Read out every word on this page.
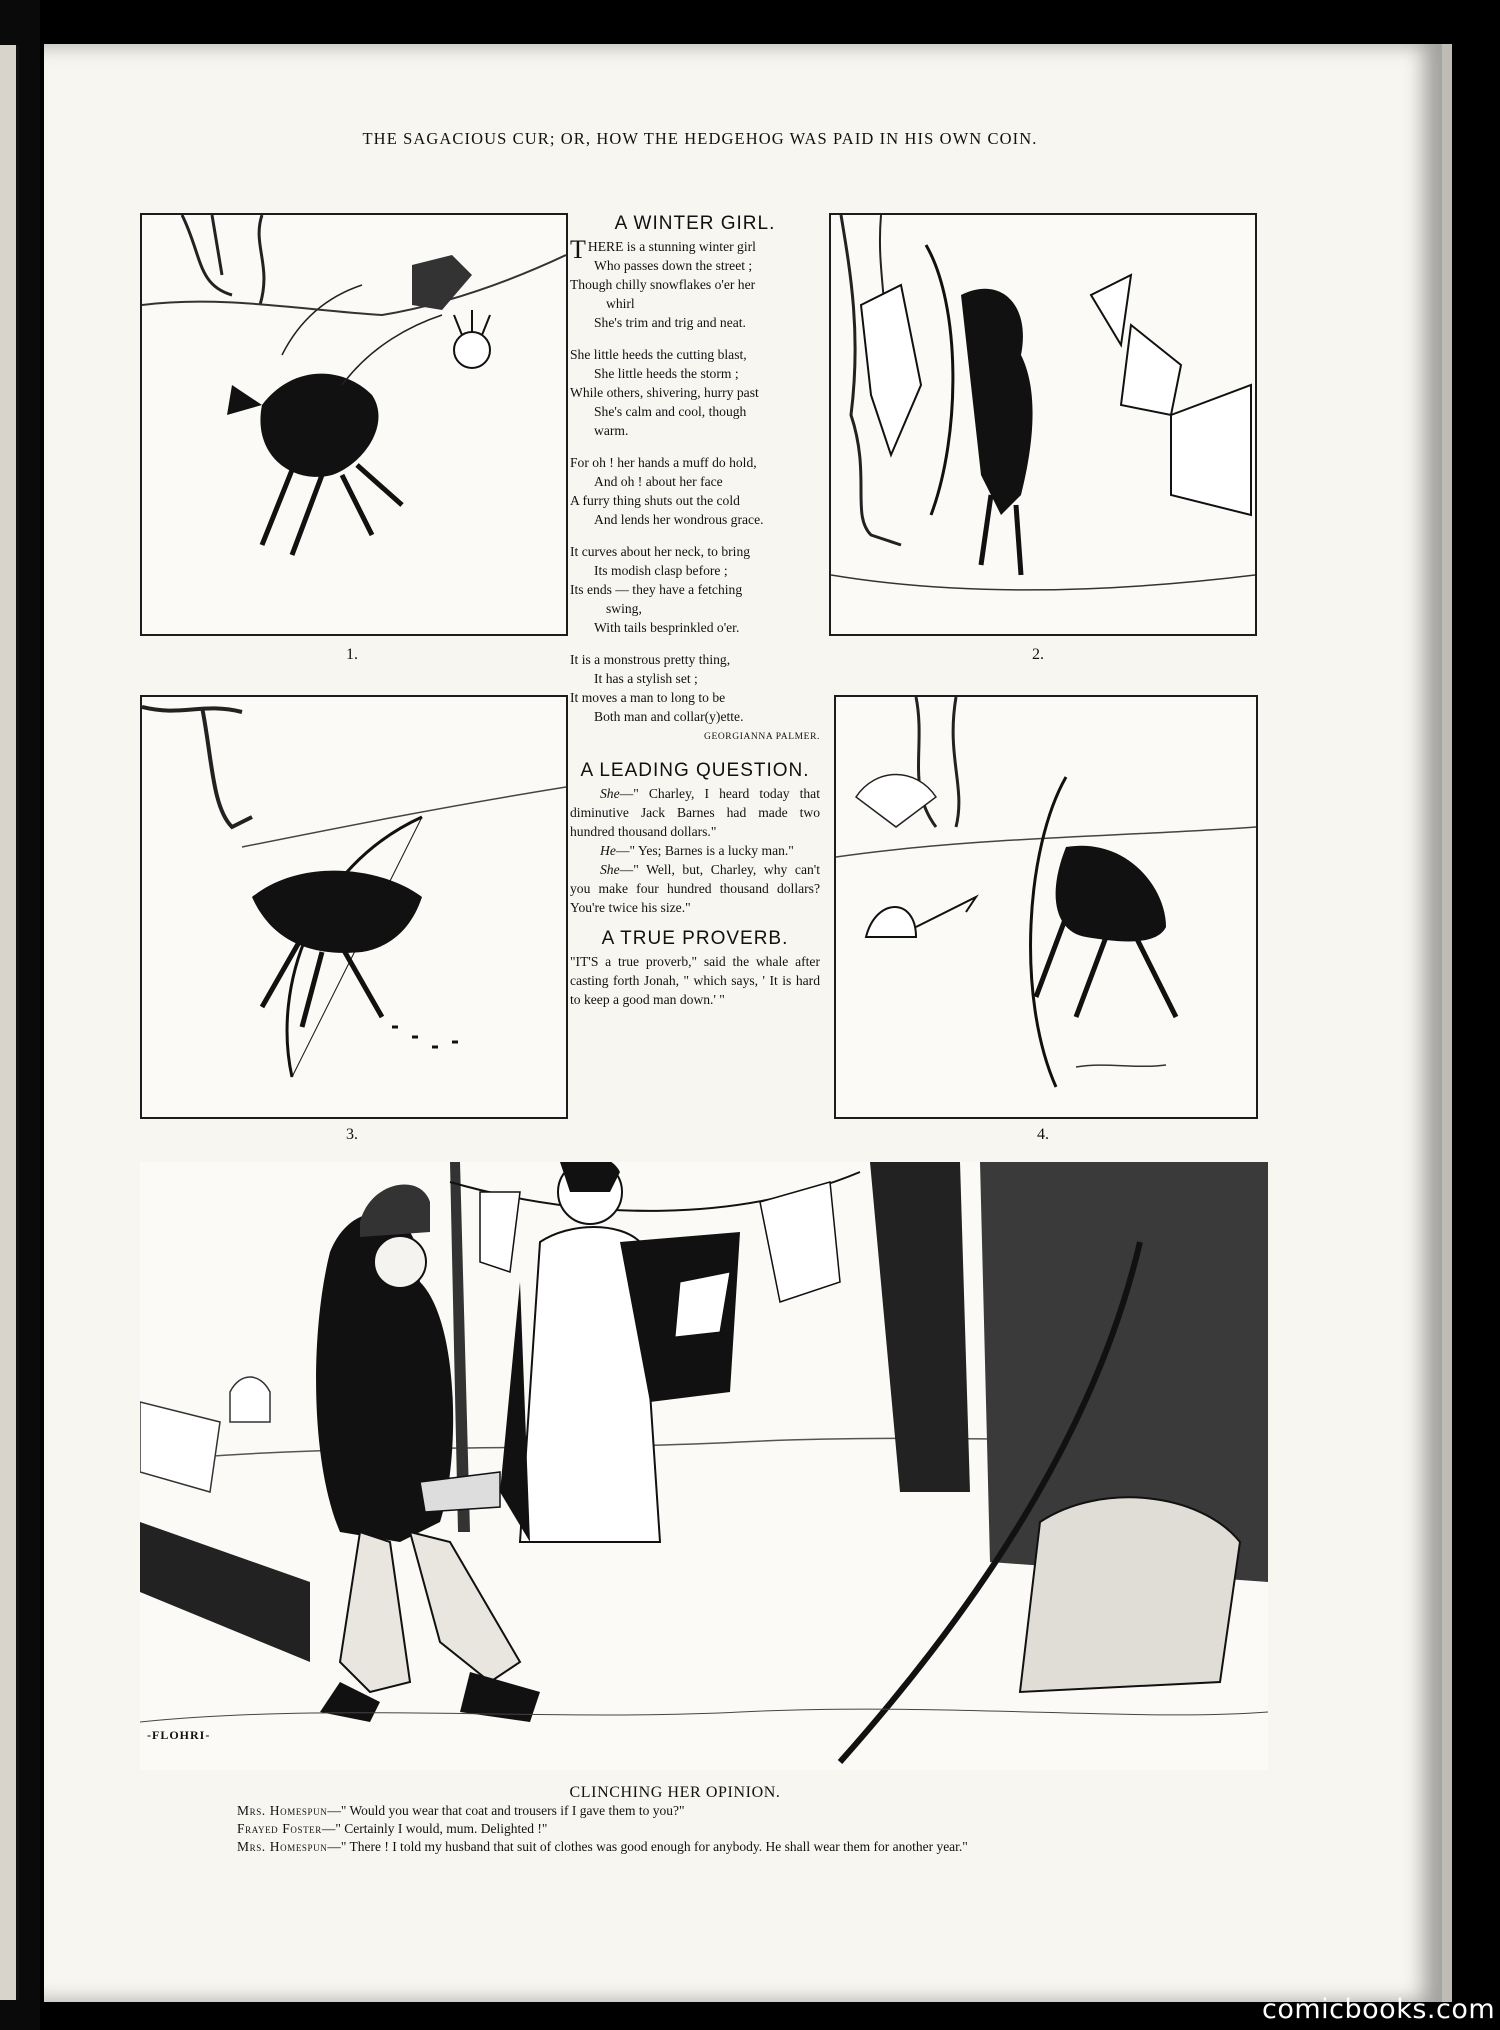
THE SAGACIOUS CUR; OR, HOW THE HEDGEHOG WAS PAID IN HIS OWN COIN.
1.	2.
3.	4.
A WINTER GIRL.

THERE is a stunning winter girl

Who passes down the street ;

Though chilly snowflakes o'er her

whirl

She's trim and trig and neat.

She little heeds the cutting blast,

She little heeds the storm ;

While others, shivering, hurry past

She's calm and cool, though

warm.

For oh ! her hands a muff do hold,

And oh ! about her face

A furry thing shuts out the cold

And lends her wondrous grace.

It curves about her neck, to bring

Its modish clasp before ;

Its ends — they have a fetching

swing,

With tails besprinkled o'er.

It is a monstrous pretty thing,

It has a stylish set ;

It moves a man to long to be

Both man and collar(y)ette.

GEORGIANNA PALMER.
A LEADING QUESTION.

She—" Charley, I heard today that diminutive Jack Barnes had made two hundred thousand dollars."

He—" Yes; Barnes is a lucky man."

She—" Well, but, Charley, why can't you make four hundred thousand dollars? You're twice his size."

A TRUE PROVERB.

"IT'S a true proverb," said the whale after casting forth Jonah, " which says, ' It is hard to keep a good man down.' "

-FLOHRI-
CLINCHING HER OPINION.

Mrs. Homespun—" Would you wear that coat and trousers if I gave them to you?"

Frayed Foster—" Certainly I would, mum. Delighted !"

Mrs. Homespun—" There ! I told my husband that suit of clothes was good enough for anybody. He shall wear them for another year."

comicbooks.com
